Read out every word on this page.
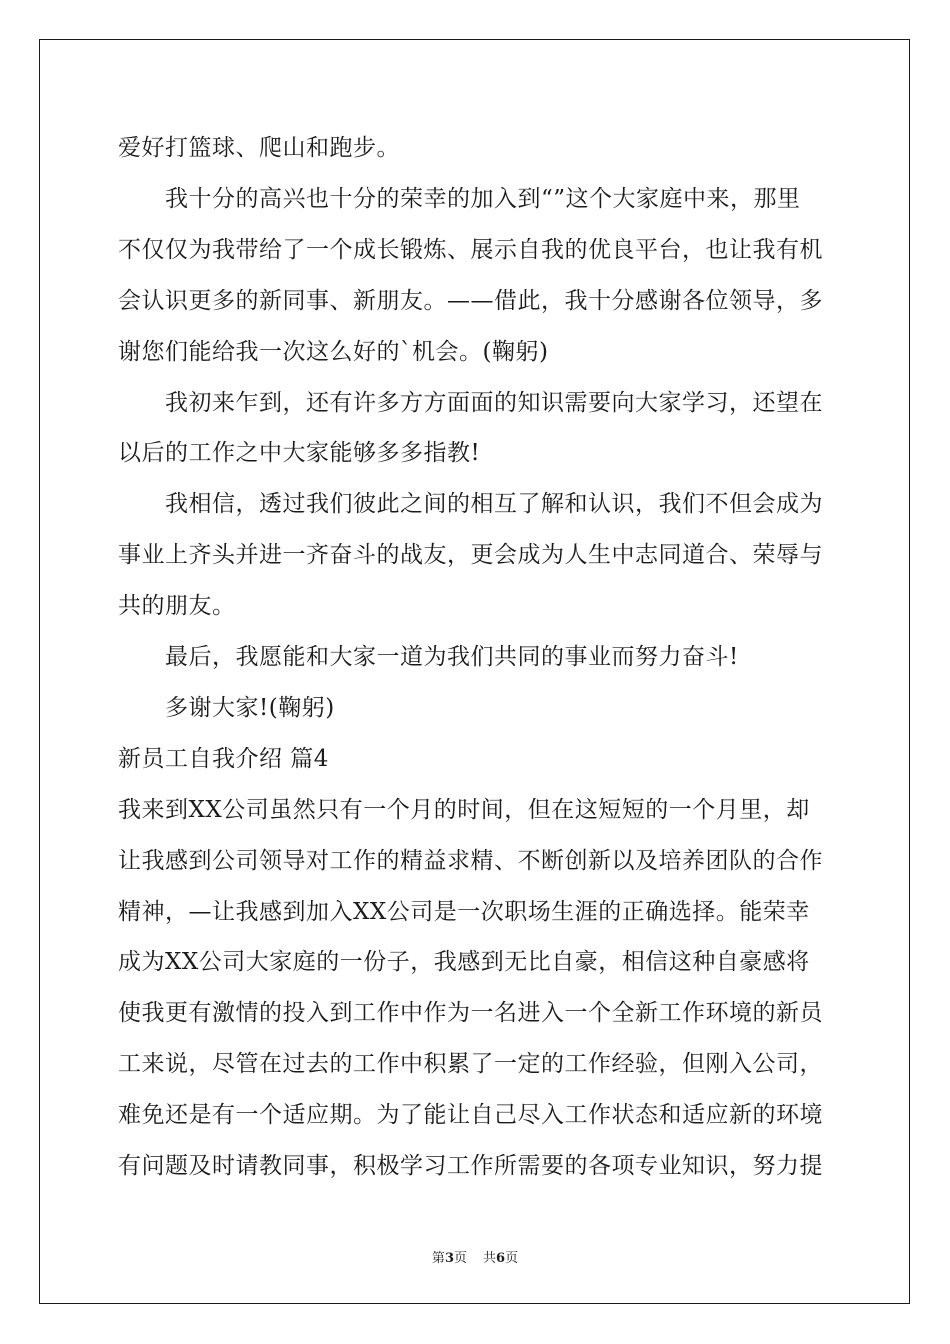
爱好打篮球、爬山和跑步。
我十分的高兴也十分的荣幸的加入到“”这个大家庭中来，那里
不仅仅为我带给了一个成长锻炼、展示自我的优良平台，也让我有机
会认识更多的新同事、新朋友。——借此，我十分感谢各位领导，多
谢您们能给我一次这么好的`机会。(鞠躬)
我初来乍到，还有许多方方面面的知识需要向大家学习，还望在
以后的工作之中大家能够多多指教!
我相信，透过我们彼此之间的相互了解和认识，我们不但会成为
事业上齐头并进一齐奋斗的战友，更会成为人生中志同道合、荣辱与
共的朋友。
最后，我愿能和大家一道为我们共同的事业而努力奋斗!
多谢大家!(鞠躬)
新员工自我介绍 篇4
我来到XX公司虽然只有一个月的时间，但在这短短的一个月里，却
让我感到公司领导对工作的精益求精、不断创新以及培养团队的合作
精神，—让我感到加入XX公司是一次职场生涯的正确选择。能荣幸
成为XX公司大家庭的一份子，我感到无比自豪，相信这种自豪感将
使我更有激情的投入到工作中作为一名进入一个全新工作环境的新员
工来说，尽管在过去的工作中积累了一定的工作经验，但刚入公司，
难免还是有一个适应期。为了能让自己尽入工作状态和适应新的环境
有问题及时请教同事，积极学习工作所需要的各项专业知识，努力提
第3页 共6页
